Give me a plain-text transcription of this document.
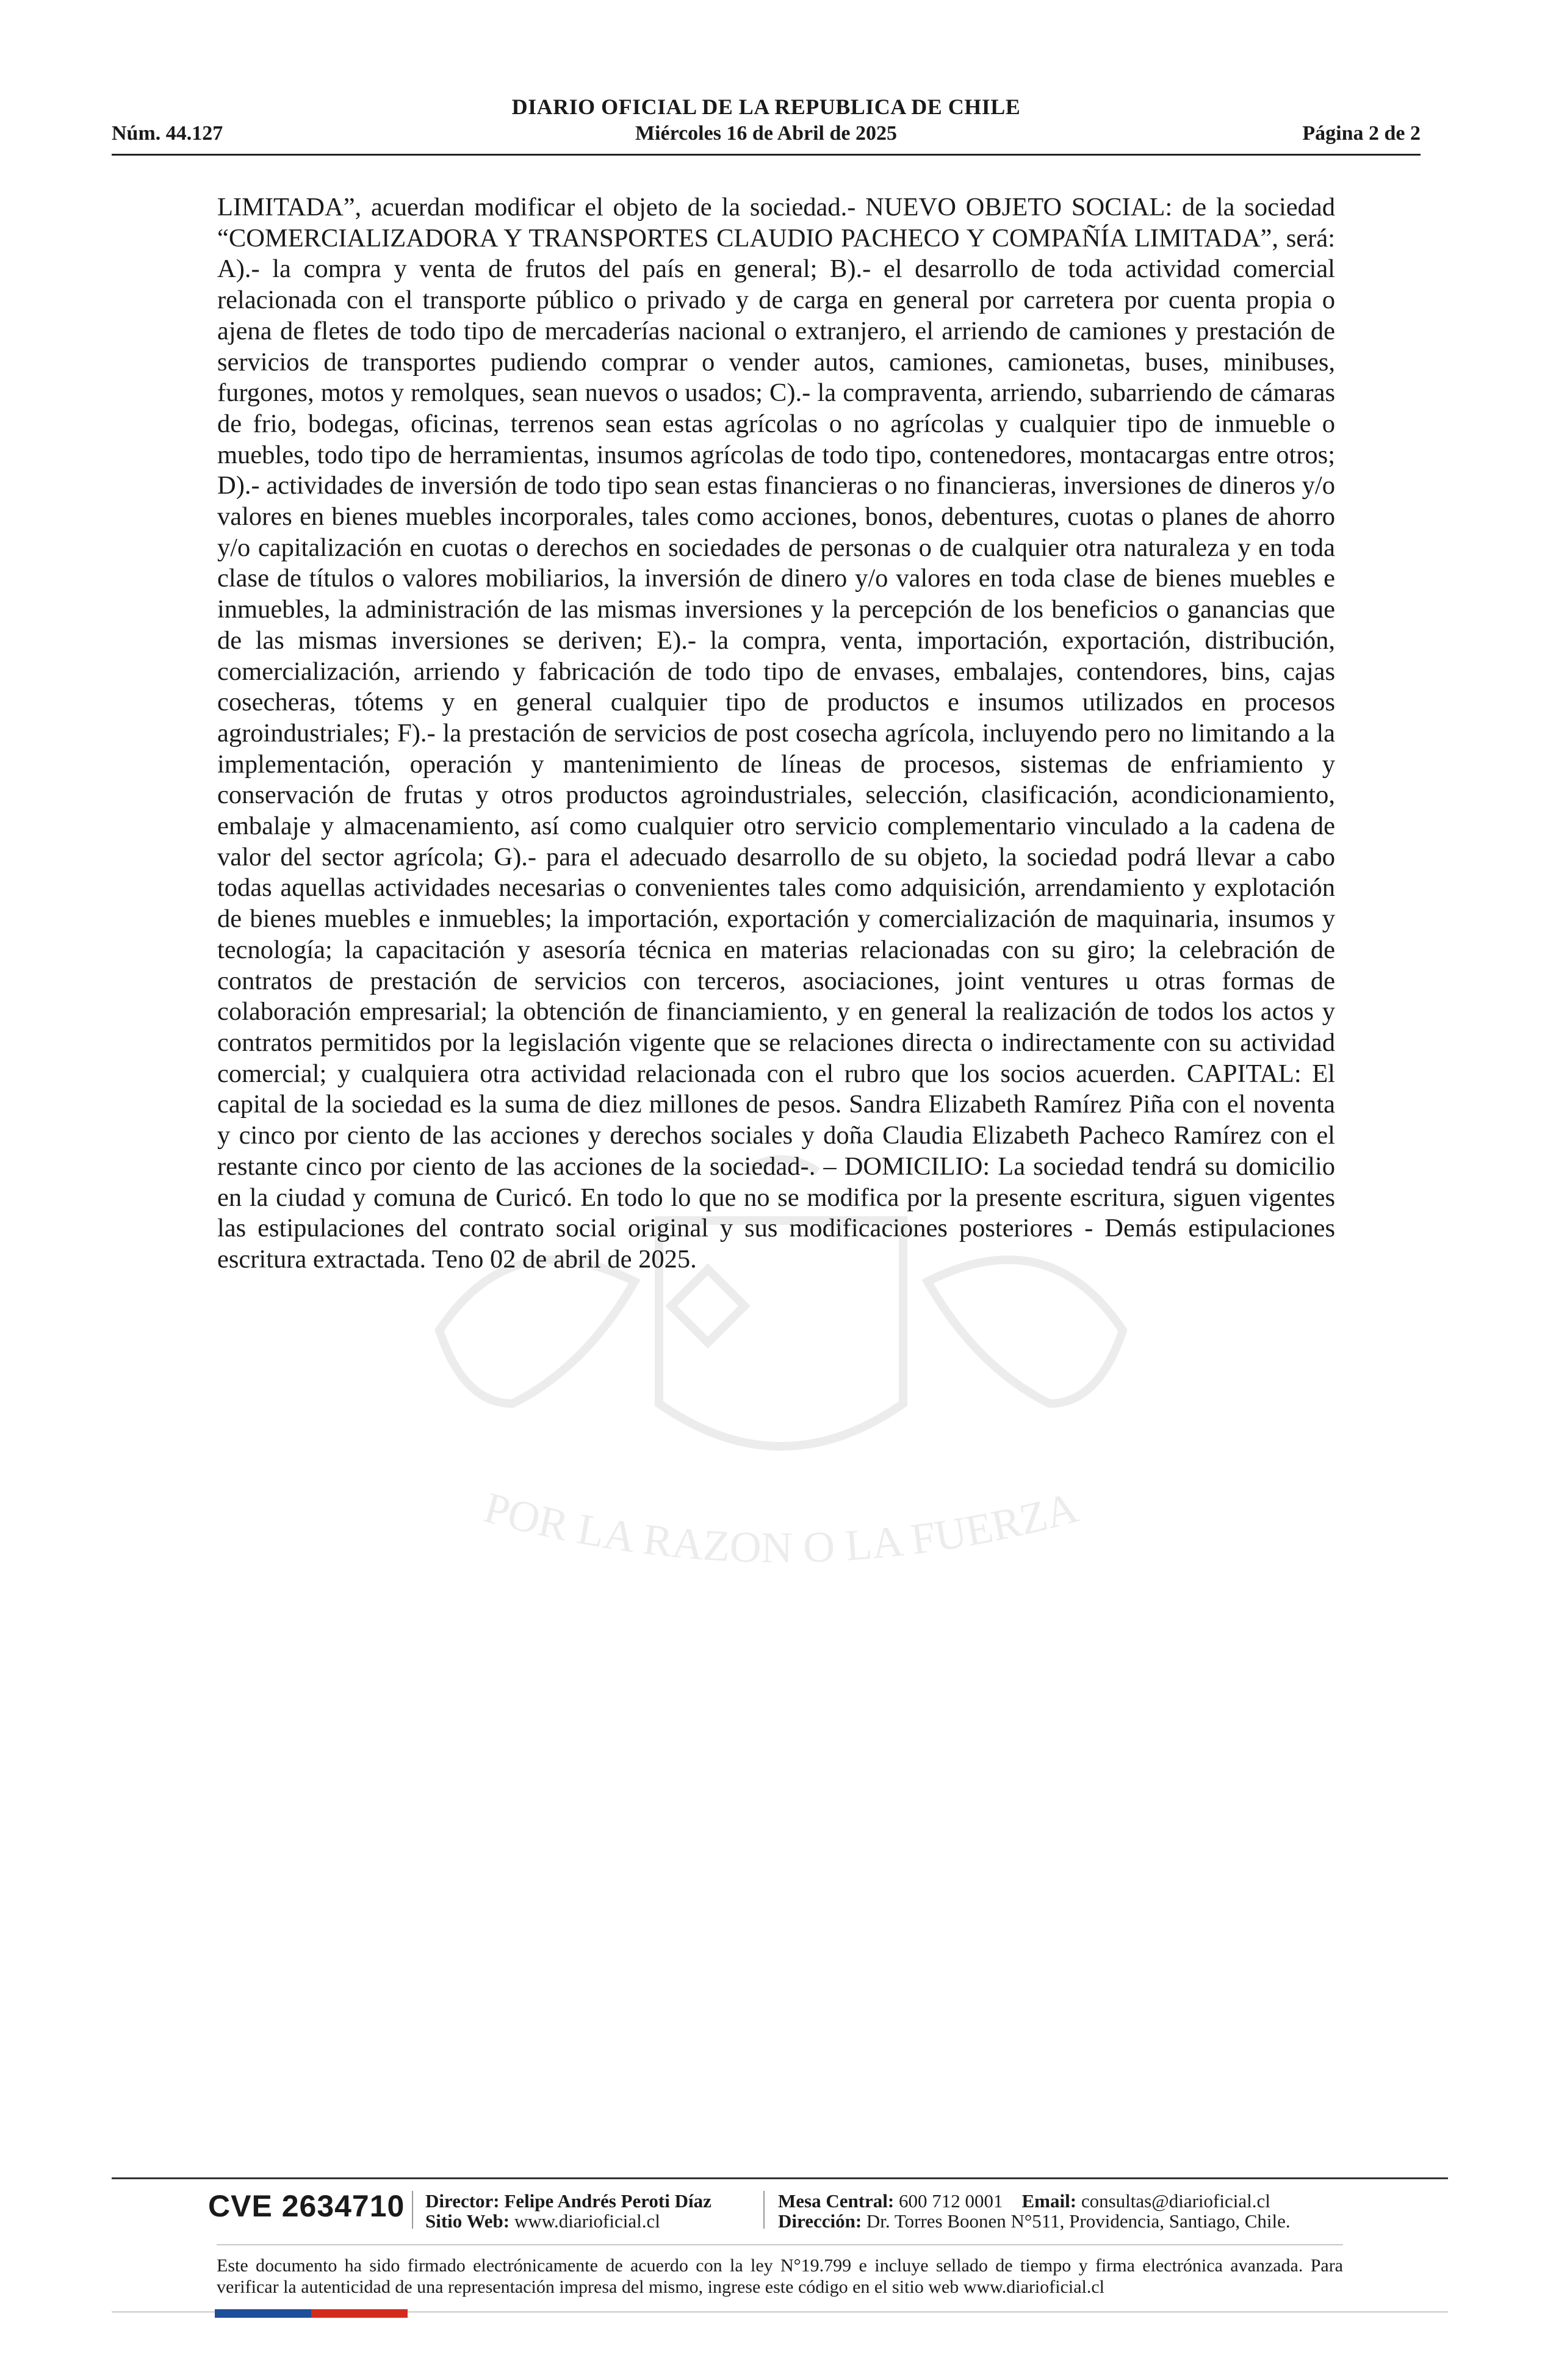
POR LA RAZON O LA FUERZA
DIARIO OFICIAL DE LA REPUBLICA DE CHILE
Núm. 44.127	Miércoles 16 de Abril de 2025	Página 2 de 2
LIMITADA”, acuerdan modificar el objeto de la sociedad.- NUEVO OBJETO SOCIAL: de la sociedad “COMERCIALIZADORA Y TRANSPORTES CLAUDIO PACHECO Y COMPAÑÍA LIMITADA”, será: A).- la compra y venta de frutos del país en general; B).- el desarrollo de toda actividad comercial relacionada con el transporte público o privado y de carga en general por carretera por cuenta propia o ajena de fletes de todo tipo de mercaderías nacional o extranjero, el arriendo de camiones y prestación de servicios de transportes pudiendo comprar o vender autos, camiones, camionetas, buses, minibuses, furgones, motos y remolques, sean nuevos o usados; C).- la compraventa, arriendo, subarriendo de cámaras de frio, bodegas, oficinas, terrenos sean estas agrícolas o no agrícolas y cualquier tipo de inmueble o muebles, todo tipo de herramientas, insumos agrícolas de todo tipo, contenedores, montacargas entre otros; D).- actividades de inversión de todo tipo sean estas financieras o no financieras, inversiones de dineros y/o valores en bienes muebles incorporales, tales como acciones, bonos, debentures, cuotas o planes de ahorro y/o capitalización en cuotas o derechos en sociedades de personas o de cualquier otra naturaleza y en toda clase de títulos o valores mobiliarios, la inversión de dinero y/o valores en toda clase de bienes muebles e inmuebles, la administración de las mismas inversiones y la percepción de los beneficios o ganancias que de las mismas inversiones se deriven; E).- la compra, venta, importación, exportación, distribución, comercialización, arriendo y fabricación de todo tipo de envases, embalajes, contendores, bins, cajas cosecheras, tótems y en general cualquier tipo de productos e insumos utilizados en procesos agroindustriales; F).- la prestación de servicios de post cosecha agrícola, incluyendo pero no limitando a la implementación, operación y mantenimiento de líneas de procesos, sistemas de enfriamiento y conservación de frutas y otros productos agroindustriales, selección, clasificación, acondicionamiento, embalaje y almacenamiento, así como cualquier otro servicio complementario vinculado a la cadena de valor del sector agrícola; G).- para el adecuado desarrollo de su objeto, la sociedad podrá llevar a cabo todas aquellas actividades necesarias o convenientes tales como adquisición, arrendamiento y explotación de bienes muebles e inmuebles; la importación, exportación y comercialización de maquinaria, insumos y tecnología; la capacitación y asesoría técnica en materias relacionadas con su giro; la celebración de contratos de prestación de servicios con terceros, asociaciones, joint ventures u otras formas de colaboración empresarial; la obtención de financiamiento, y en general la realización de todos los actos y contratos permitidos por la legislación vigente que se relaciones directa o indirectamente con su actividad comercial; y cualquiera otra actividad relacionada con el rubro que los socios acuerden. CAPITAL: El capital de la sociedad es la suma de diez millones de pesos. Sandra Elizabeth Ramírez Piña con el noventa y cinco por ciento de las acciones y derechos sociales y doña Claudia Elizabeth Pacheco Ramírez con el restante cinco por ciento de las acciones de la sociedad-. – DOMICILIO: La sociedad tendrá su domicilio en la ciudad y comuna de Curicó. En todo lo que no se modifica por la presente escritura, siguen vigentes las estipulaciones del contrato social original y sus modificaciones posteriores - Demás estipulaciones escritura extractada. Teno 02 de abril de 2025.
CVE 2634710	Director: Felipe Andrés Peroti Díaz
Sitio Web: www.diarioficial.cl
Mesa Central: 600 712 0001 Email: consultas@diarioficial.cl
Dirección: Dr. Torres Boonen N°511, Providencia, Santiago, Chile.
Este documento ha sido firmado electrónicamente de acuerdo con la ley N°19.799 e incluye sellado de tiempo y firma electrónica avanzada. Para verificar la autenticidad de una representación impresa del mismo, ingrese este código en el sitio web www.diarioficial.cl
